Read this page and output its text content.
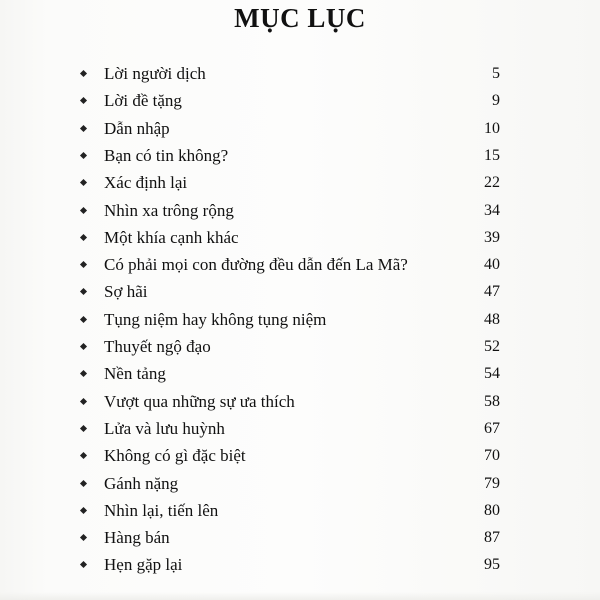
MỤC LỤC
Lời người dịch	5
Lời đề tặng	9
Dẫn nhập	10
Bạn có tin không?	15
Xác định lại	22
Nhìn xa trông rộng	34
Một khía cạnh khác	39
Có phải mọi con đường đều dẫn đến La Mã?	40
Sợ hãi	47
Tụng niệm hay không tụng niệm	48
Thuyết ngộ đạo	52
Nền tảng	54
Vượt qua những sự ưa thích	58
Lửa và lưu huỳnh	67
Không có gì đặc biệt	70
Gánh nặng	79
Nhìn lại, tiến lên	80
Hàng bán	87
Hẹn gặp lại	95
